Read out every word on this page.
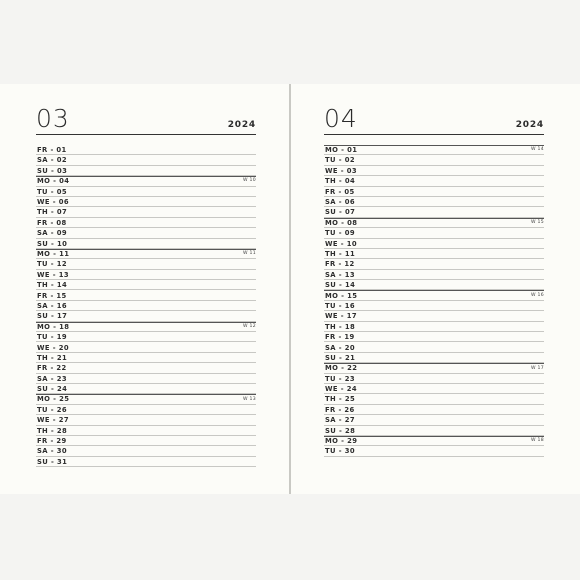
03	2024
FR - 01
SA - 02
SU - 03
MO - 04	W 10
TU - 05
WE - 06
TH - 07
FR - 08
SA - 09
SU - 10
MO - 11	W 11
TU - 12
WE - 13
TH - 14
FR - 15
SA - 16
SU - 17
MO - 18	W 12
TU - 19
WE - 20
TH - 21
FR - 22
SA - 23
SU - 24
MO - 25	W 13
TU - 26
WE - 27
TH - 28
FR - 29
SA - 30
SU - 31
04	2024
MO - 01	W 14
TU - 02
WE - 03
TH - 04
FR - 05
SA - 06
SU - 07
MO - 08	W 15
TU - 09
WE - 10
TH - 11
FR - 12
SA - 13
SU - 14
MO - 15	W 16
TU - 16
WE - 17
TH - 18
FR - 19
SA - 20
SU - 21
MO - 22	W 17
TU - 23
WE - 24
TH - 25
FR - 26
SA - 27
SU - 28
MO - 29	W 18
TU - 30
